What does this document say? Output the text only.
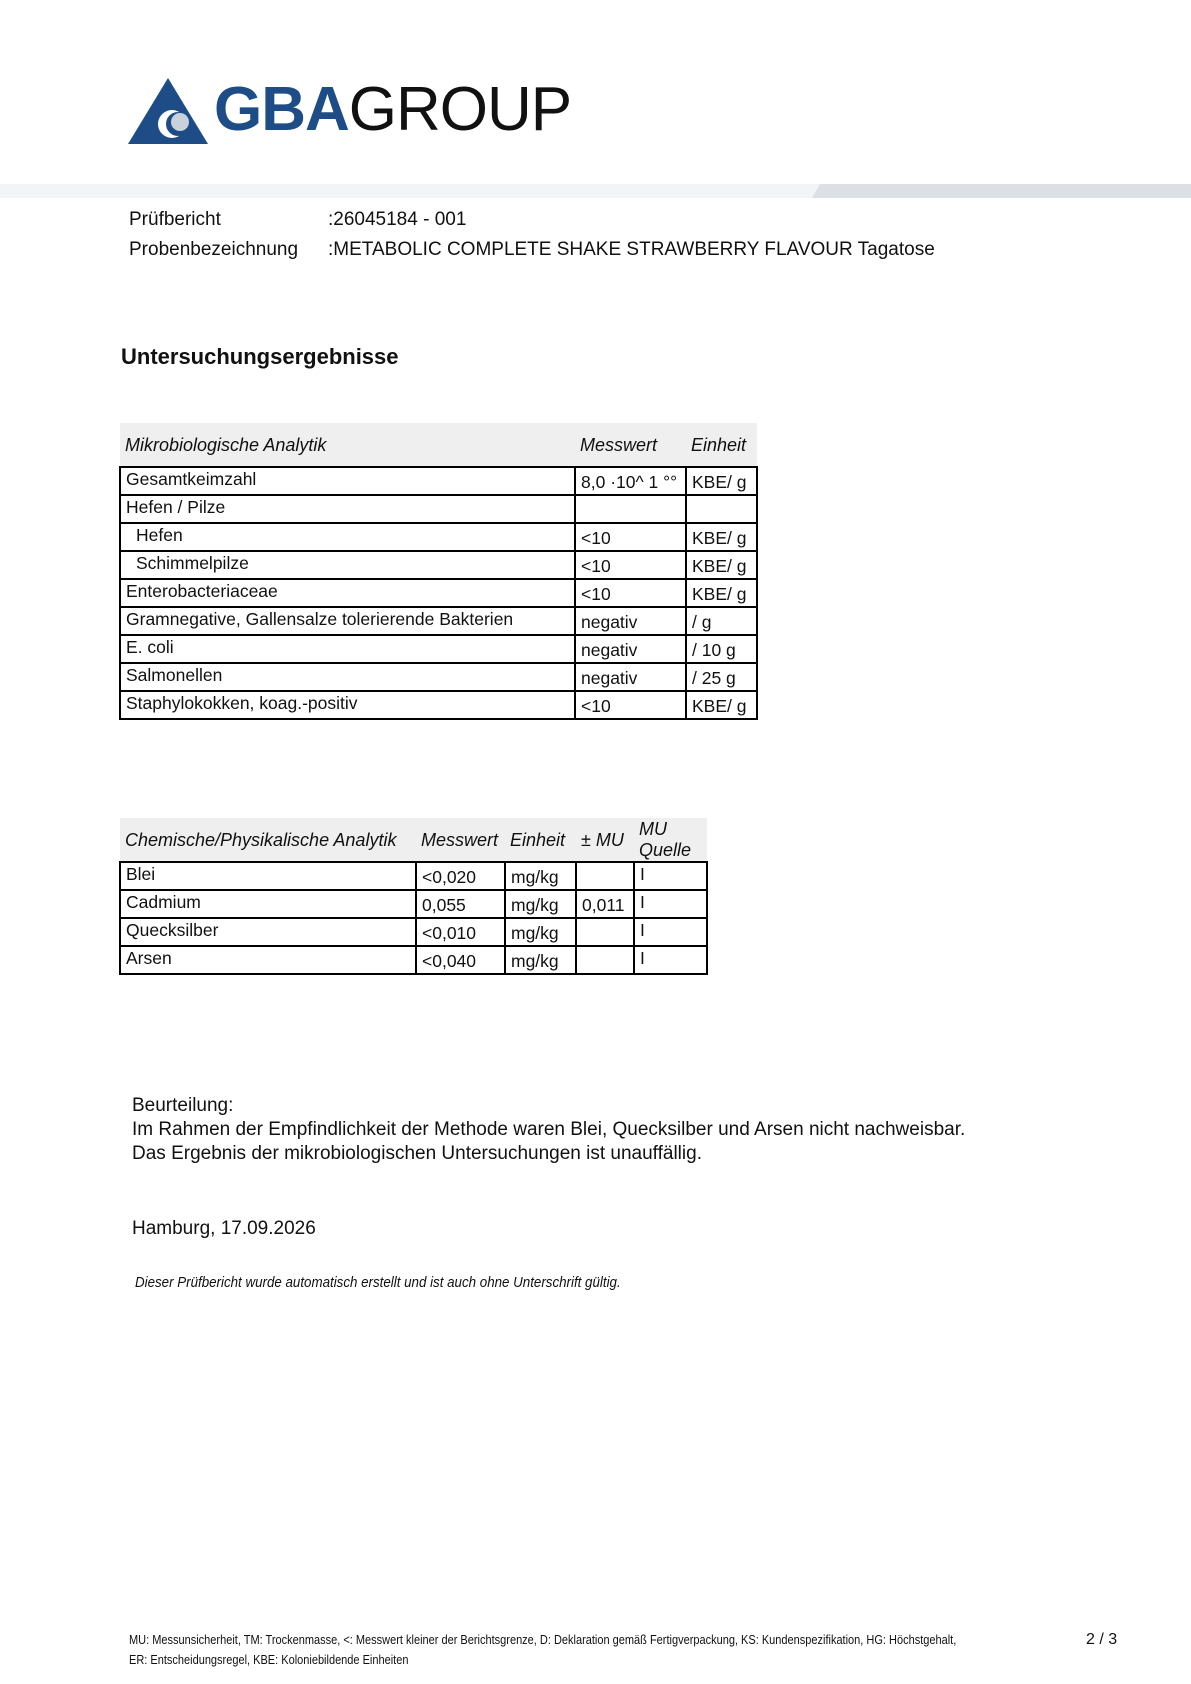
GBAGROUP
Prüfbericht	:26045184 - 001
Probenbezeichnung :METABOLIC COMPLETE SHAKE STRAWBERRY FLAVOUR Tagatose
Untersuchungsergebnisse
Mikrobiologische Analytik	Messwert	Einheit
Gesamtkeimzahl	8,0 ·10^ 1 °°	KBE/ g
Hefen / Pilze		
Hefen	<10	KBE/ g
Schimmelpilze	<10	KBE/ g
Enterobacteriaceae	<10	KBE/ g
Gramnegative, Gallensalze tolerierende Bakterien	negativ	/ g
E. coli	negativ	/ 10 g
Salmonellen	negativ	/ 25 g
Staphylokokken, koag.-positiv	<10	KBE/ g
Chemische/Physikalische Analytik	Messwert	Einheit	± MU	MU
Quelle
Blei	<0,020	mg/kg		I
Cadmium	0,055	mg/kg	0,011	I
Quecksilber	<0,010	mg/kg		I
Arsen	<0,040	mg/kg		I
Beurteilung:
Im Rahmen der Empfindlichkeit der Methode waren Blei, Quecksilber und Arsen nicht nachweisbar.
Das Ergebnis der mikrobiologischen Untersuchungen ist unauffällig.
Hamburg, 17.09.2026
Dieser Prüfbericht wurde automatisch erstellt und ist auch ohne Unterschrift gültig.
MU: Messunsicherheit, TM: Trockenmasse, <: Messwert kleiner der Berichtsgrenze, D: Deklaration gemäß Fertigverpackung, KS: Kundenspezifikation, HG: Höchstgehalt,
ER: Entscheidungsregel, KBE: Koloniebildende Einheiten
2 / 3
